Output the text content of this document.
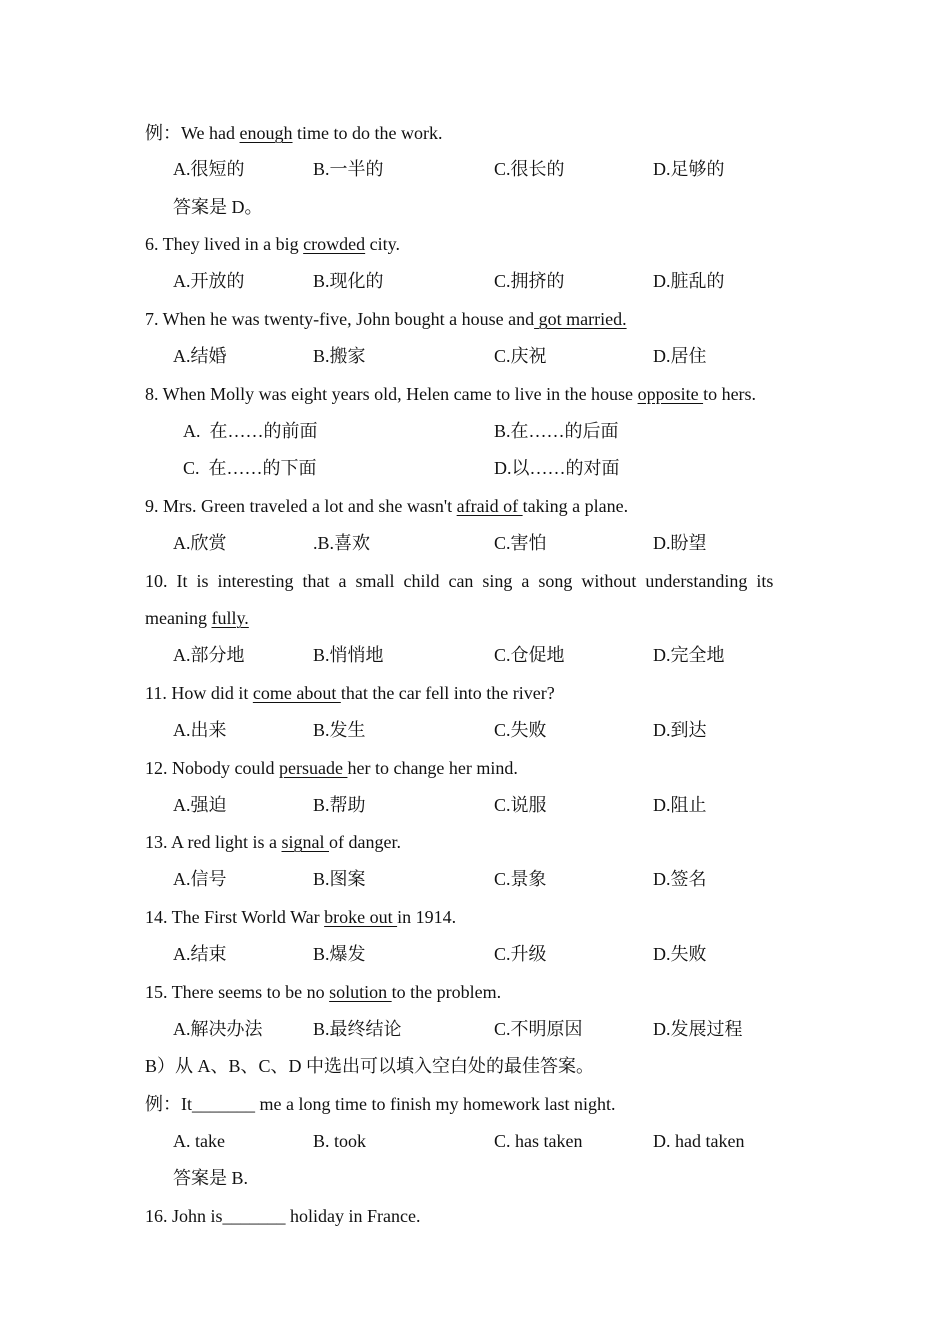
例：We had enough time to do the work.
A.很短的	B.一半的	C.很长的	D.足够的
答案是 D。
6. They lived in a big crowded city.
A.开放的	B.现化的	C.拥挤的	D.脏乱的
7. When he was twenty-five, John bought a house and got married.
A.结婚	B.搬家	C.庆祝	D.居住
8. When Molly was eight years old, Helen came to live in the house opposite to hers.
A.  在……的前面	B.在……的后面
C.  在……的下面	D.以……的对面
9. Mrs. Green traveled a lot and she wasn't afraid of taking a plane.
A.欣赏	.B.喜欢	C.害怕	D.盼望
10.  It  is  interesting  that  a  small  child  can  sing  a  song  without  understanding  its
meaning fully.
A.部分地	B.悄悄地	C.仓促地	D.完全地
11. How did it come about that the car fell into the river?
A.出来	B.发生	C.失败	D.到达
12. Nobody could persuade her to change her mind.
A.强迫	B.帮助	C.说服	D.阻止
13. A red light is a signal of danger.
A.信号	B.图案	C.景象	D.签名
14. The First World War broke out in 1914.
A.结束	B.爆发	C.升级	D.失败
15. There seems to be no solution to the problem.
A.解决办法	B.最终结论	C.不明原因	D.发展过程
B）从 A、B、C、D 中选出可以填入空白处的最佳答案。
例：It_______ me a long time to finish my homework last night.
A. take	B. took	C. has taken	D. had taken
答案是 B.
16. John is_______ holiday in France.
